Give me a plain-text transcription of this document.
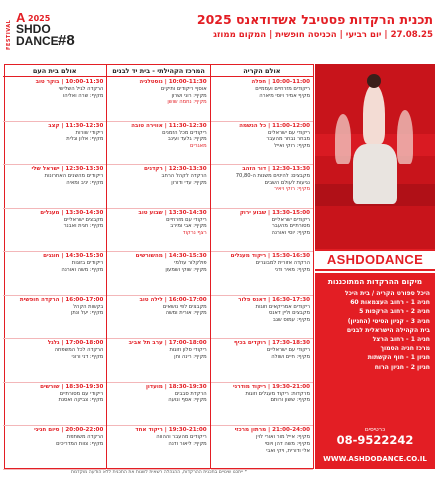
תכנית הרקדות פסטיבל אשדודאנס 2025
27.08.25 | יום רביעי | הכניסה חופשית | המקום ממוזג
FESTIVAL
A 2025
SHDO
DANCE #8
אולם הקריה
10:00-11:00 | חפלה
ריקודים מזרחיים ועממיים
מקיף אמיר ויוסי מיארה
11:00-12:00 | כל הנשמה
ריקודי עם ישראלים
מבחר נבחר מהעבר
מקיף: רוקי ואייל
12:30-13:30 | דור הזהב
מקבצים: להיטים משנות ה-70,80
נגיעות לעולם השבים
מקיף: רוקי ויאיר
13:30-15:00 | שבוע ירוק
ריקודים ישראליים
מסורתיים מהעבר
מקיף: יוסי ואורנה
15:30-16:30 | ריקוד מעגלים
הרקדה אזורית למבוגרים
מקיף: מאיר ודני
16:30-17:30 | דאנס פלור
ריקודים אמריקאים וזוגות
מקבצים וליין דאנס
מקיף: עמוס שגב
17:30-18:30 | רוקדים בכיף
ריקודי עם ישראליים
מקיף: חיים ושולה
19:30-21:00 | ריקוד מודרני
מרקדות: ריקוד מעגלים וזוגות
מקיף: ששון ורותם
21:00-24:00 | מרתון מרכזי
מקיף: אייל מור ואורי לוין
מקיף: משה דהן ויוסי
אלי ודורית, ויקי ואבי
המרכז הקהילתי - בית יד לבנים
10:00-11:30 | נוסטלגיה
אוסף ריקודים ותיקים
מקיף: רוני ושרון
מקיף: נחמה שושן
11:30-12:30 | אווירה טובה
ריקודים מכל הזמנים
מקיף: גלעד ועינב
מאגרים
12:30-13:30 | רקדנים
הרקדה לקהל הרחב
מקיף: עדי ודורון
13:30-14:30 | שבוע טוב
ריקודי עם מזרחיים
מקיף: אבי ומירב
רצף נרקוד
14:30-15:30 | מהשורשים
פולקלור עולמי
מקיף: שוקי ושמעון
16:00-17:00 | לילה טוב
מקבצים לפי נושאים
מקיף: אורית ומשה
17:00-18:00 | ערב תל אביב
ריקודי סלון וזוגות
מקיף: רינה וחן
18:30-19:30 | מועדון
הרקדת סבבים
מקיף: אסף ונועה
19:30-21:00 | ריקוד אחד
ריקודים מהעבר וההווה
מקיף: ליאור ודנה
אולם בית העם
10:00-11:30 | בוקר טוב
הרקדה לגיל השלישי
מקיף: שרה ואליהו
11:30-12:30 | קצב
ריקודי שורות
מקיף: אלון וגלית
12:30-13:30 | ישראל שלי
ריקודים מהשנים האחרונות
מקיף: יניב ומאיה
13:30-14:30 | מעגלים
מקבצים ישראליים
מקיף: חגית ואבנר
14:30-15:30 | חוגגים
ריקודים בזוגות
מקיף: משה ואורנה
16:00-17:00 | הרקדה חופשית
בקשות הקהל
מקיף: יעל ונתן
17:00-18:00 | גלגל
הרקדה לכל המשפחה
מקיף: דני ורוני
18:30-19:30 | שורשים
ריקודי עם מסורתיים
מקיף: צביקה ואסנת
20:00-22:00 | סיום חגיגי
הרקדה משותפת
מקיף: צוות המדריכים
ASHDODANCE
מיקום ההרקדות המתוכננות
היכל ספורט הקריה / בית היכל
חניה 1 - רחוב העצמאות 60
חניה 2 - רחוב הרקפות 5
חניה 3 - קניון הסיטי (החניון)
בית הקהילה הישראלית לבנים
חניה 1 - רחוב הרצל
מרכז חניה הסמוך
חניון 1 - חוף הקשתות
חניון 2 - חניון הרוח
כרטיסים
08-9522242
WWW.ASHDODANCE.CO.IL
* ייתכנו שינויים בתכנית ההרקדות, ההנהלה רשאית לשנות את התכנית ללא הודעה מוקדמת
